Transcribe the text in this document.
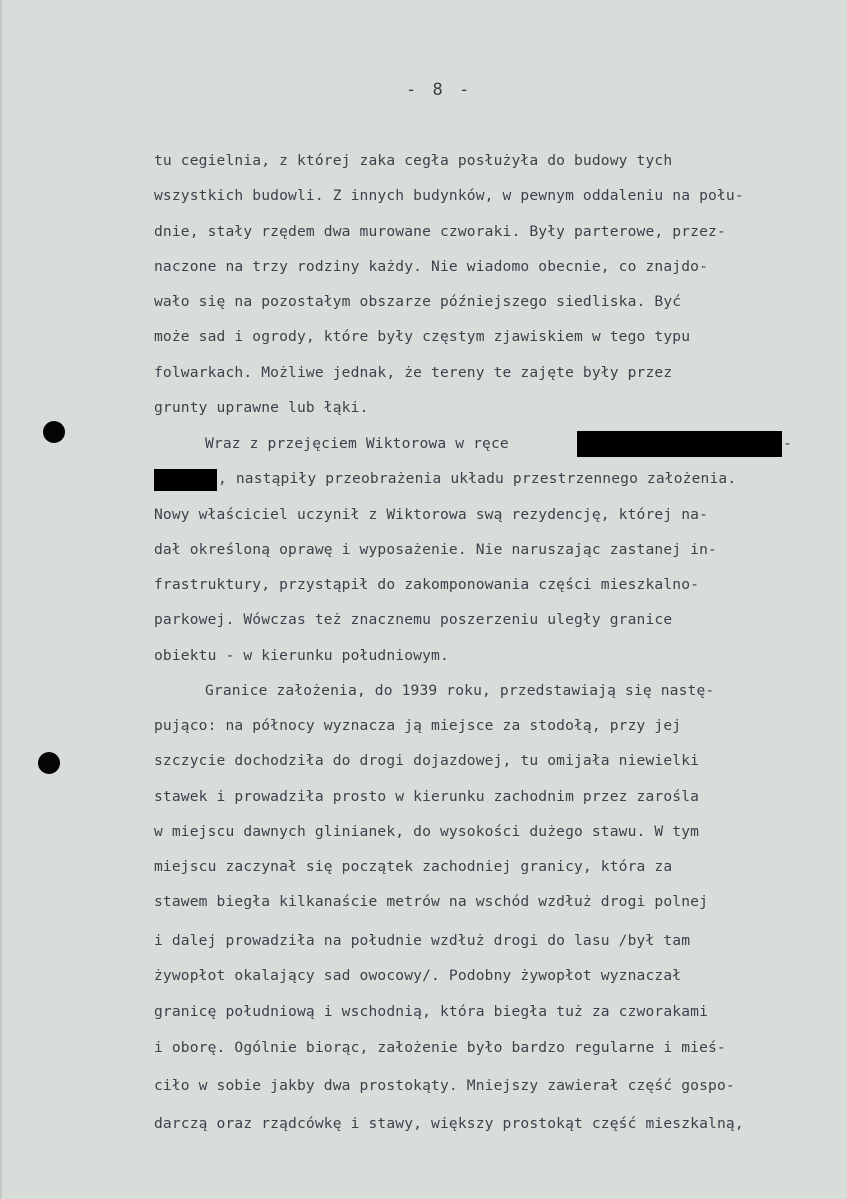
- 8 -
tu cegielnia, z której zaka cegła posłużyła do budowy tych
wszystkich budowli. Z innych budynków, w pewnym oddaleniu na połu-
dnie, stały rzędem dwa murowane czworaki. Były parterowe, przez-
naczone na trzy rodziny każdy. Nie wiadomo obecnie, co znajdo-
wało się na pozostałym obszarze późniejszego siedliska. Być
może sad i ogrody, które były częstym zjawiskiem w tego typu
folwarkach. Możliwe jednak, że tereny te zajęte były przez
grunty uprawne lub łąki.
Wraz z przejęciem Wiktorowa w ręce	-
, nastąpiły przeobrażenia układu przestrzennego założenia.
Nowy właściciel uczynił z Wiktorowa swą rezydencję, której na-
dał określoną oprawę i wyposażenie. Nie naruszając zastanej in-
frastruktury, przystąpił do zakomponowania części mieszkalno-
parkowej. Wówczas też znacznemu poszerzeniu uległy granice
obiektu - w kierunku południowym.
Granice założenia, do 1939 roku, przedstawiają się nastę-
pująco: na północy wyznacza ją miejsce za stodołą, przy jej
szczycie dochodziła do drogi dojazdowej, tu omijała niewielki
stawek i prowadziła prosto w kierunku zachodnim przez zarośla
w miejscu dawnych glinianek, do wysokości dużego stawu. W tym
miejscu zaczynał się początek zachodniej granicy, która za
stawem biegła kilkanaście metrów na wschód wzdłuż drogi polnej
i dalej prowadziła na południe wzdłuż drogi do lasu /był tam
żywopłot okalający sad owocowy/. Podobny żywopłot wyznaczał
granicę południową i wschodnią, która biegła tuż za czworakami
i oborę. Ogólnie biorąc, założenie było bardzo regularne i mieś-
ciło w sobie jakby dwa prostokąty. Mniejszy zawierał część gospo-
darczą oraz rządcówkę i stawy, większy prostokąt część mieszkalną,
